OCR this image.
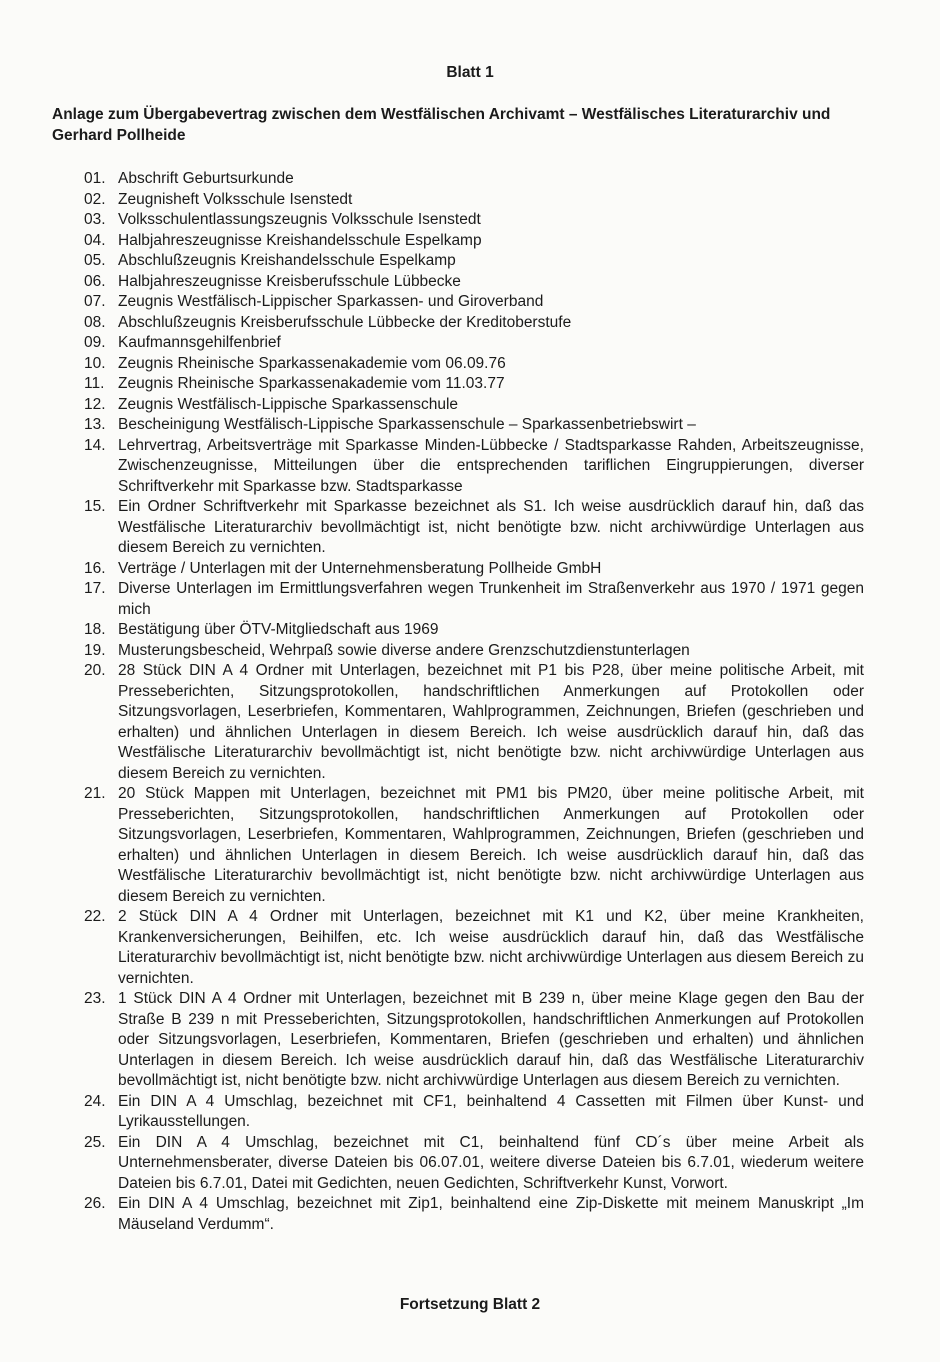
Blatt 1
Anlage zum Übergabevertrag zwischen dem Westfälischen Archivamt – Westfälisches Literaturarchiv und Gerhard Pollheide
01. Abschrift Geburtsurkunde
02. Zeugnisheft Volksschule Isenstedt
03. Volksschulentlassungszeugnis Volksschule Isenstedt
04. Halbjahreszeugnisse Kreishandelsschule Espelkamp
05. Abschlußzeugnis Kreishandelsschule Espelkamp
06. Halbjahreszeugnisse Kreisberufsschule Lübbecke
07. Zeugnis Westfälisch-Lippischer Sparkassen- und Giroverband
08. Abschlußzeugnis Kreisberufsschule Lübbecke der Kreditoberstufe
09. Kaufmannsgehilfenbrief
10. Zeugnis Rheinische Sparkassenakademie vom 06.09.76
11. Zeugnis Rheinische Sparkassenakademie vom 11.03.77
12. Zeugnis Westfälisch-Lippische Sparkassenschule
13. Bescheinigung Westfälisch-Lippische Sparkassenschule – Sparkassenbetriebswirt –
14. Lehrvertrag, Arbeitsverträge mit Sparkasse Minden-Lübbecke / Stadtsparkasse Rahden, Arbeitszeugnisse, Zwischenzeugnisse, Mitteilungen über die entsprechenden tariflichen Eingruppierungen, diverser Schriftverkehr mit Sparkasse bzw. Stadtsparkasse
15. Ein Ordner Schriftverkehr mit Sparkasse bezeichnet als S1. Ich weise ausdrücklich darauf hin, daß das Westfälische Literaturarchiv bevollmächtigt ist, nicht benötigte bzw. nicht archivwürdige Unterlagen aus diesem Bereich zu vernichten.
16. Verträge / Unterlagen mit der Unternehmensberatung Pollheide GmbH
17. Diverse Unterlagen im Ermittlungsverfahren wegen Trunkenheit im Straßenverkehr aus 1970 / 1971 gegen mich
18. Bestätigung über ÖTV-Mitgliedschaft aus 1969
19. Musterungsbescheid, Wehrpaß sowie diverse andere Grenzschutzdienstunterlagen
20. 28 Stück DIN A 4 Ordner mit Unterlagen, bezeichnet mit P1 bis P28, über meine politische Arbeit, mit Presseberichten, Sitzungsprotokollen, handschriftlichen Anmerkungen auf Protokollen oder Sitzungsvorlagen, Leserbriefen, Kommentaren, Wahlprogrammen, Zeichnungen, Briefen (geschrieben und erhalten) und ähnlichen Unterlagen in diesem Bereich. Ich weise ausdrücklich darauf hin, daß das Westfälische Literaturarchiv bevollmächtigt ist, nicht benötigte bzw. nicht archivwürdige Unterlagen aus diesem Bereich zu vernichten.
21. 20 Stück Mappen mit Unterlagen, bezeichnet mit PM1 bis PM20, über meine politische Arbeit, mit Presseberichten, Sitzungsprotokollen, handschriftlichen Anmerkungen auf Protokollen oder Sitzungsvorlagen, Leserbriefen, Kommentaren, Wahlprogrammen, Zeichnungen, Briefen (geschrieben und erhalten) und ähnlichen Unterlagen in diesem Bereich. Ich weise ausdrücklich darauf hin, daß das Westfälische Literaturarchiv bevollmächtigt ist, nicht benötigte bzw. nicht archivwürdige Unterlagen aus diesem Bereich zu vernichten.
22. 2 Stück DIN A 4 Ordner mit Unterlagen, bezeichnet mit K1 und K2, über meine Krankheiten, Krankenversicherungen, Beihilfen, etc. Ich weise ausdrücklich darauf hin, daß das Westfälische Literaturarchiv bevollmächtigt ist, nicht benötigte bzw. nicht archivwürdige Unterlagen aus diesem Bereich zu vernichten.
23. 1 Stück DIN A 4 Ordner mit Unterlagen, bezeichnet mit B 239 n, über meine Klage gegen den Bau der Straße B 239 n mit Presseberichten, Sitzungsprotokollen, handschriftlichen Anmerkungen auf Protokollen oder Sitzungsvorlagen, Leserbriefen, Kommentaren, Briefen (geschrieben und erhalten) und ähnlichen Unterlagen in diesem Bereich. Ich weise ausdrücklich darauf hin, daß das Westfälische Literaturarchiv bevollmächtigt ist, nicht benötigte bzw. nicht archivwürdige Unterlagen aus diesem Bereich zu vernichten.
24. Ein DIN A 4 Umschlag, bezeichnet mit CF1, beinhaltend 4 Cassetten mit Filmen über Kunst- und Lyrikausstellungen.
25. Ein DIN A 4 Umschlag, bezeichnet mit C1, beinhaltend fünf CD´s über meine Arbeit als Unternehmensberater, diverse Dateien bis 06.07.01, weitere diverse Dateien bis 6.7.01, wiederum weitere Dateien bis 6.7.01, Datei mit Gedichten, neuen Gedichten, Schriftverkehr Kunst, Vorwort.
26. Ein DIN A 4 Umschlag, bezeichnet mit Zip1, beinhaltend eine Zip-Diskette mit meinem Manuskript „Im Mäuseland Verdumm“.
Fortsetzung Blatt 2
